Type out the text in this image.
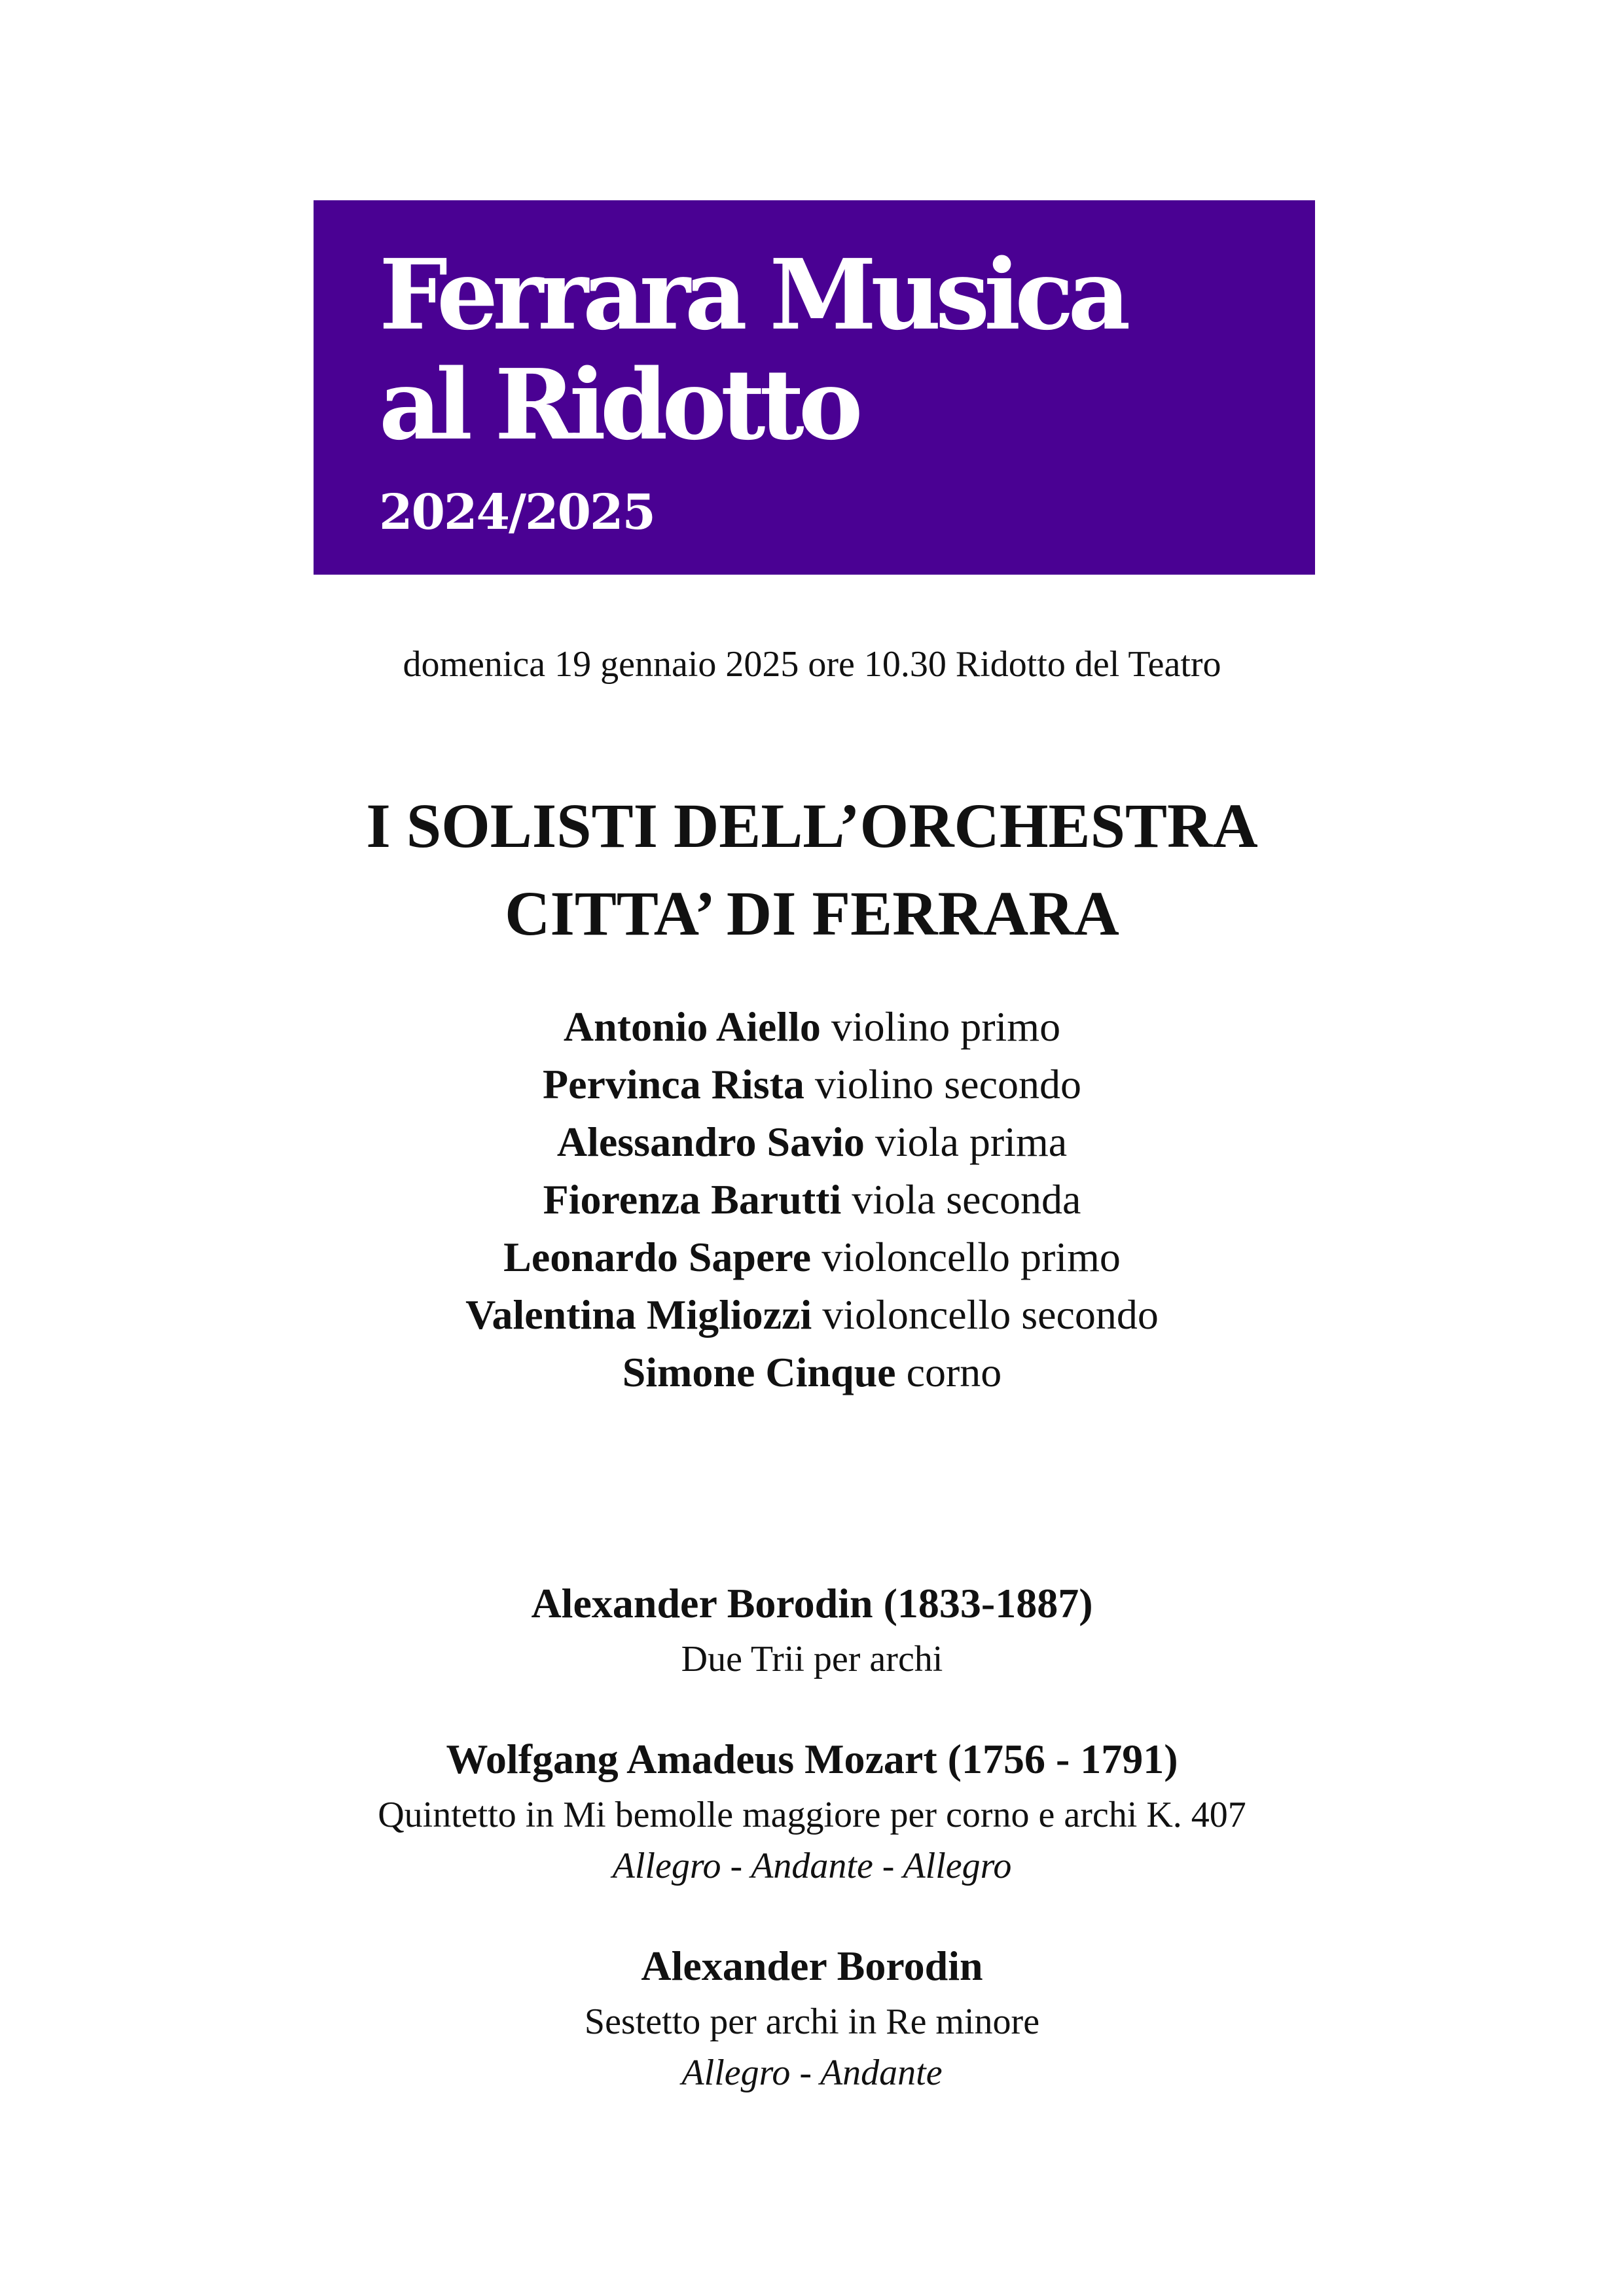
Ferrara Musica
al Ridotto
2024/2025
domenica 19 gennaio 2025 ore 10.30 Ridotto del Teatro
I SOLISTI DELL’ORCHESTRA
CITTA’ DI FERRARA
Antonio Aiello violino primo
Pervinca Rista violino secondo
Alessandro Savio viola prima
Fiorenza Barutti viola seconda
Leonardo Sapere violoncello primo
Valentina Migliozzi violoncello secondo
Simone Cinque corno
Alexander Borodin (1833-1887)
Due Trii per archi
Wolfgang Amadeus Mozart (1756 - 1791)
Quintetto in Mi bemolle maggiore per corno e archi K. 407
Allegro - Andante - Allegro
Alexander Borodin
Sestetto per archi in Re minore
Allegro - Andante
